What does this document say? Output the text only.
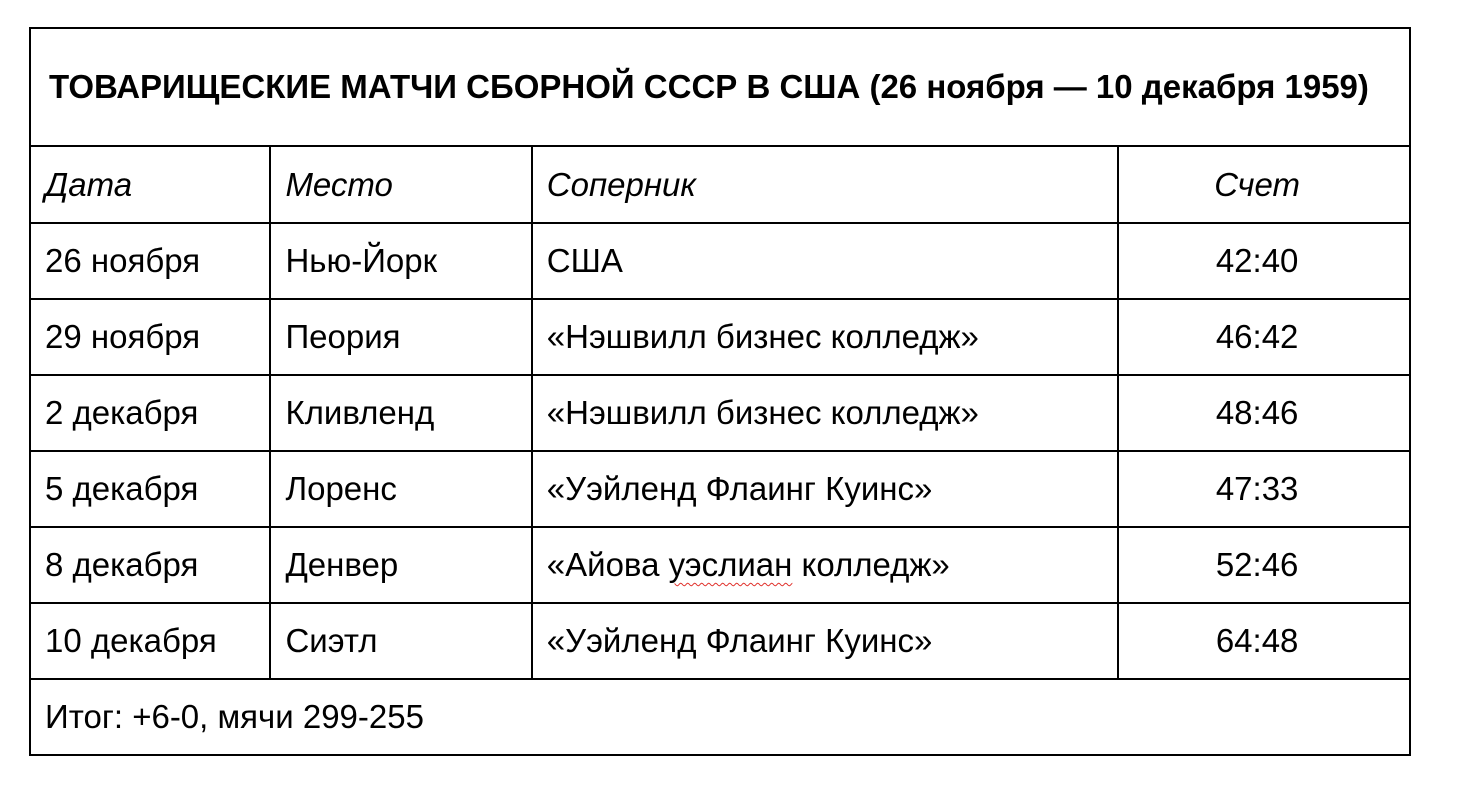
ТОВАРИЩЕСКИЕ МАТЧИ СБОРНОЙ СССР В США (26 ноября — 10 декабря 1959)			

Дата	Место	Соперник	Счет
26 ноября	Нью-Йорк	США	42:40
29 ноября	Пеория	«Нэшвилл бизнес колледж»	46:42
2 декабря	Кливленд	«Нэшвилл бизнес колледж»	48:46
5 декабря	Лоренс	«Уэйленд Флаинг Куинс»	47:33
8 декабря	Денвер	«Айова уэслиан колледж»	52:46
10 декабря	Сиэтл	«Уэйленд Флаинг Куинс»	64:48
Итог: +6-0, мячи 299-255			
